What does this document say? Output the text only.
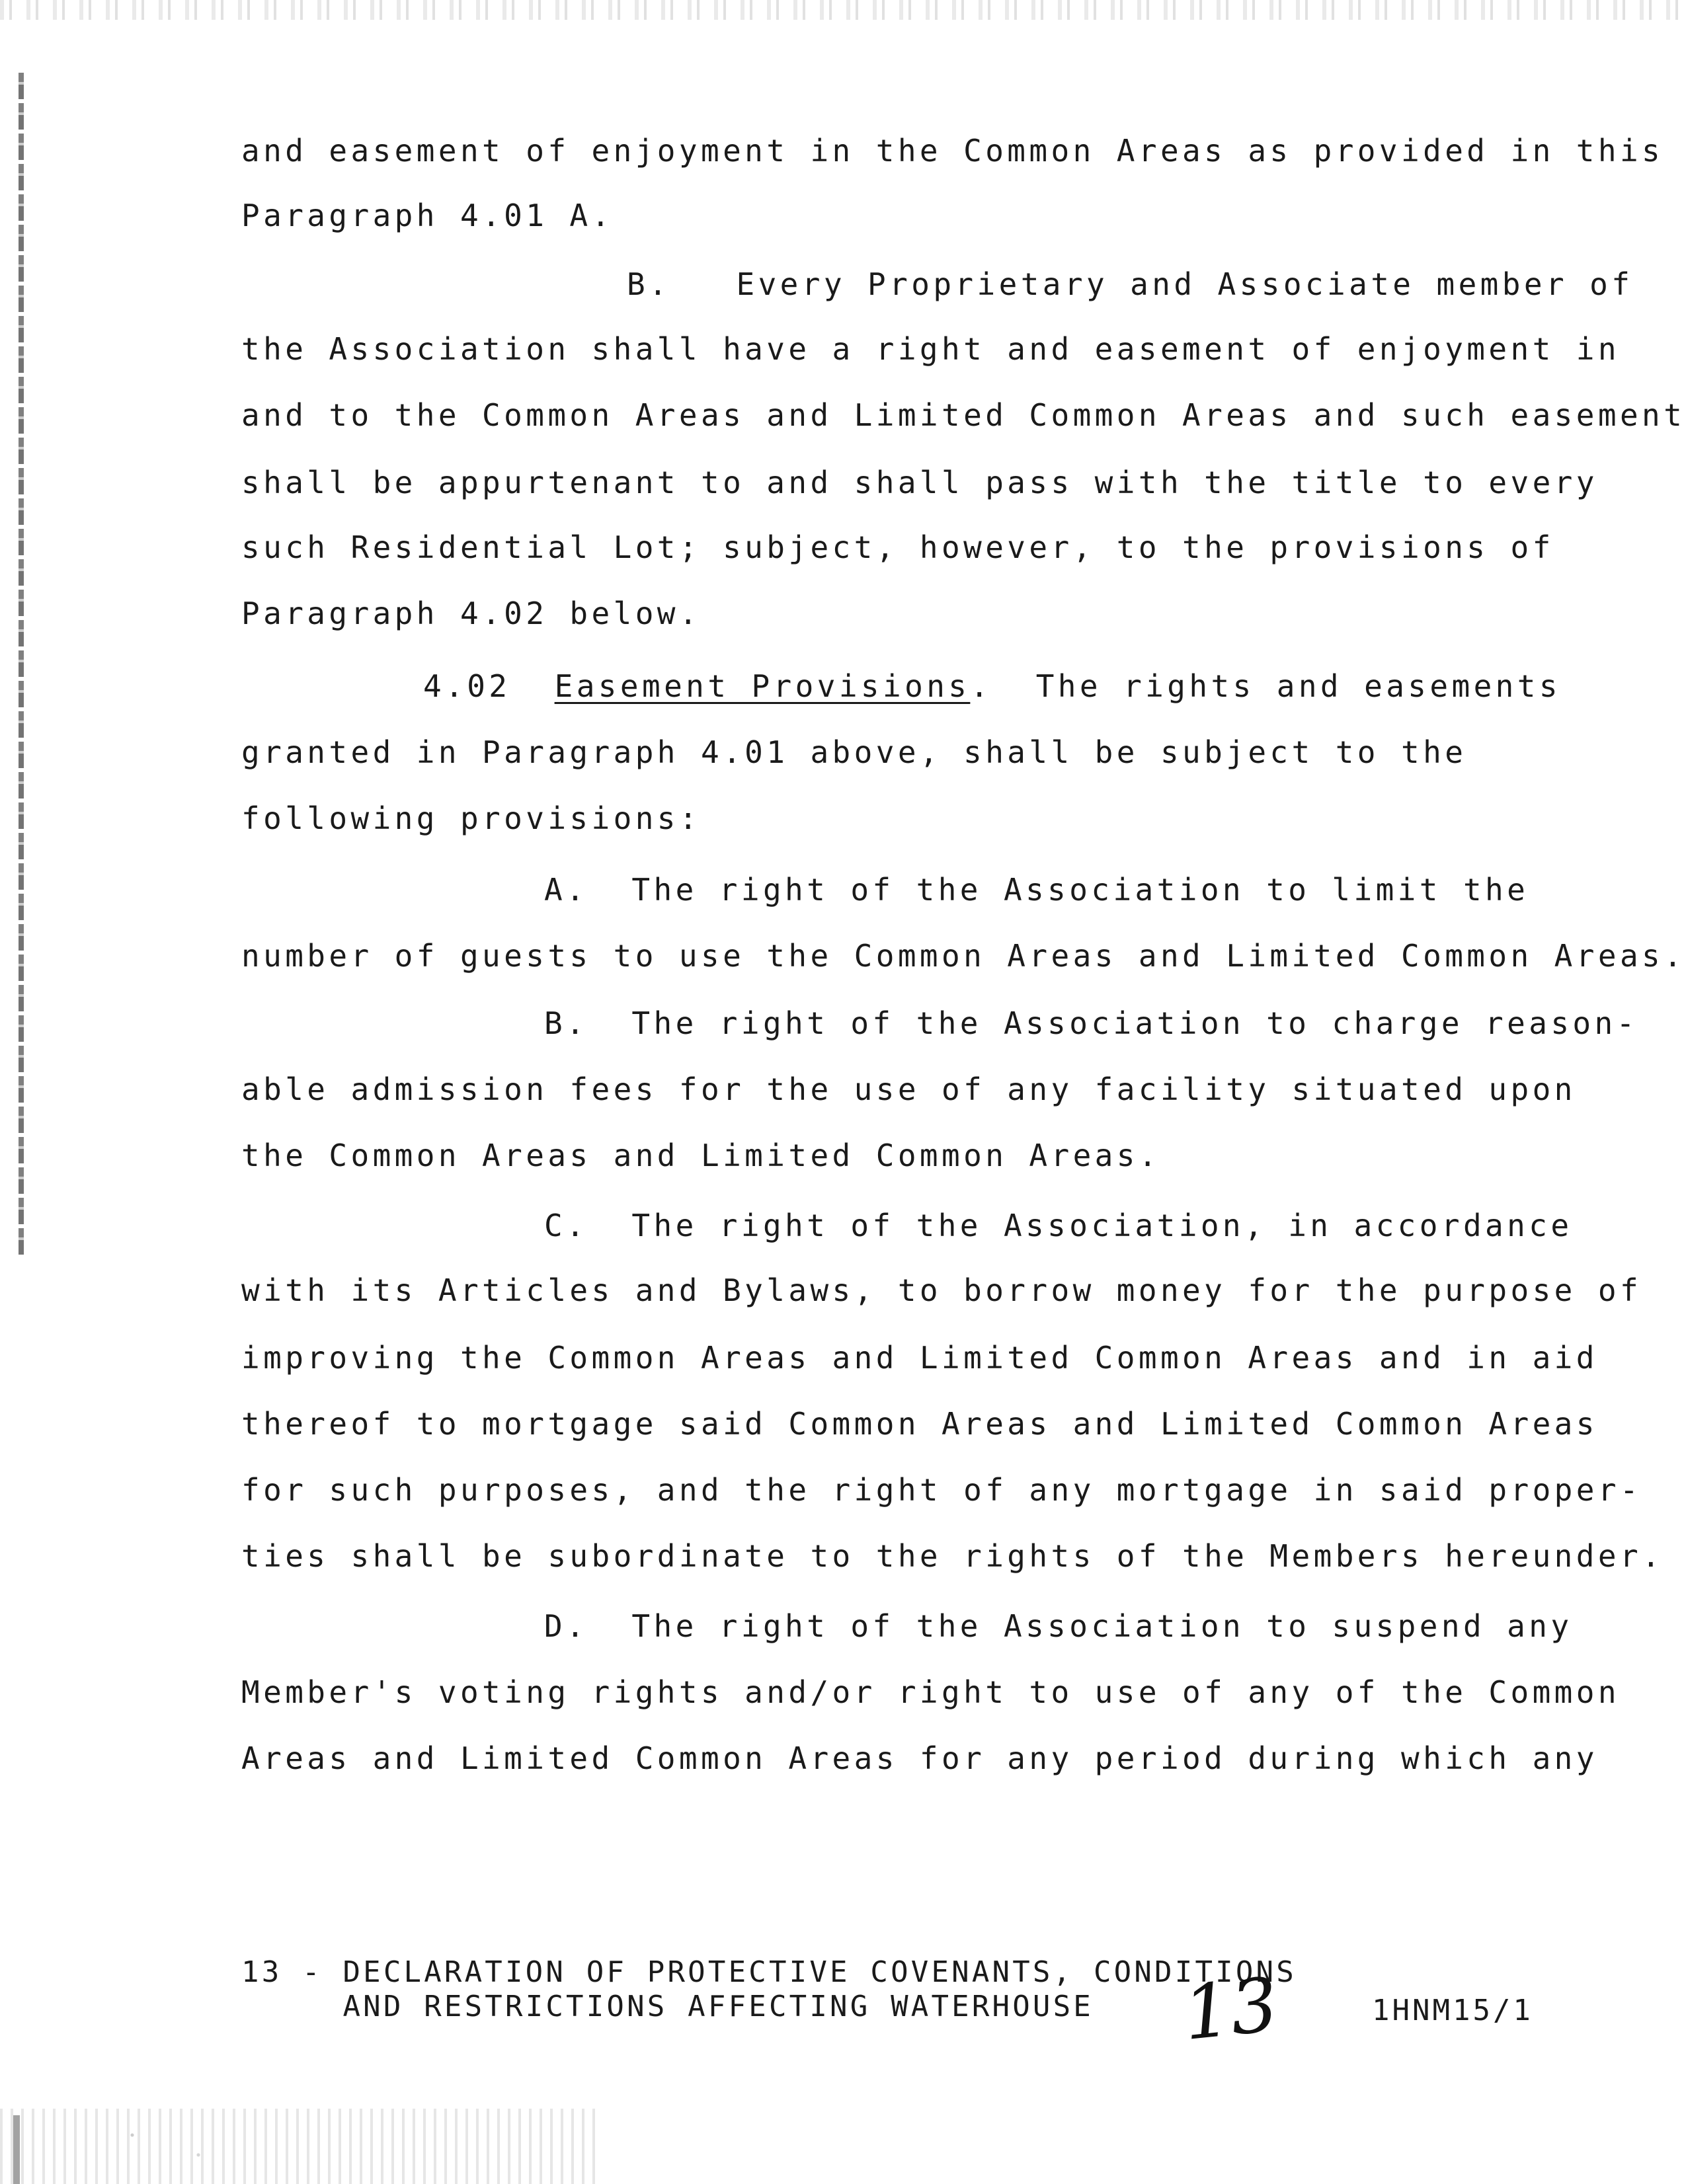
and easement of enjoyment in the Common Areas as provided in this
Paragraph 4.01 A.
B.   Every Proprietary and Associate member of
the Association shall have a right and easement of enjoyment in
and to the Common Areas and Limited Common Areas and such easement
shall be appurtenant to and shall pass with the title to every
such Residential Lot; subject, however, to the provisions of
Paragraph 4.02 below.
4.02 Easement Provisions.  The rights and easements
granted in Paragraph 4.01 above, shall be subject to the
following provisions:
A.  The right of the Association to limit the
number of guests to use the Common Areas and Limited Common Areas.
B.  The right of the Association to charge reason-
able admission fees for the use of any facility situated upon
the Common Areas and Limited Common Areas.
C.  The right of the Association, in accordance
with its Articles and Bylaws, to borrow money for the purpose of
improving the Common Areas and Limited Common Areas and in aid
thereof to mortgage said Common Areas and Limited Common Areas
for such purposes, and the right of any mortgage in said proper-
ties shall be subordinate to the rights of the Members hereunder.
D.  The right of the Association to suspend any
Member's voting rights and/or right to use of any of the Common
Areas and Limited Common Areas for any period during which any
13 - DECLARATION OF PROTECTIVE COVENANTS, CONDITIONS
AND RESTRICTIONS AFFECTING WATERHOUSE 13	1HNM15/1
